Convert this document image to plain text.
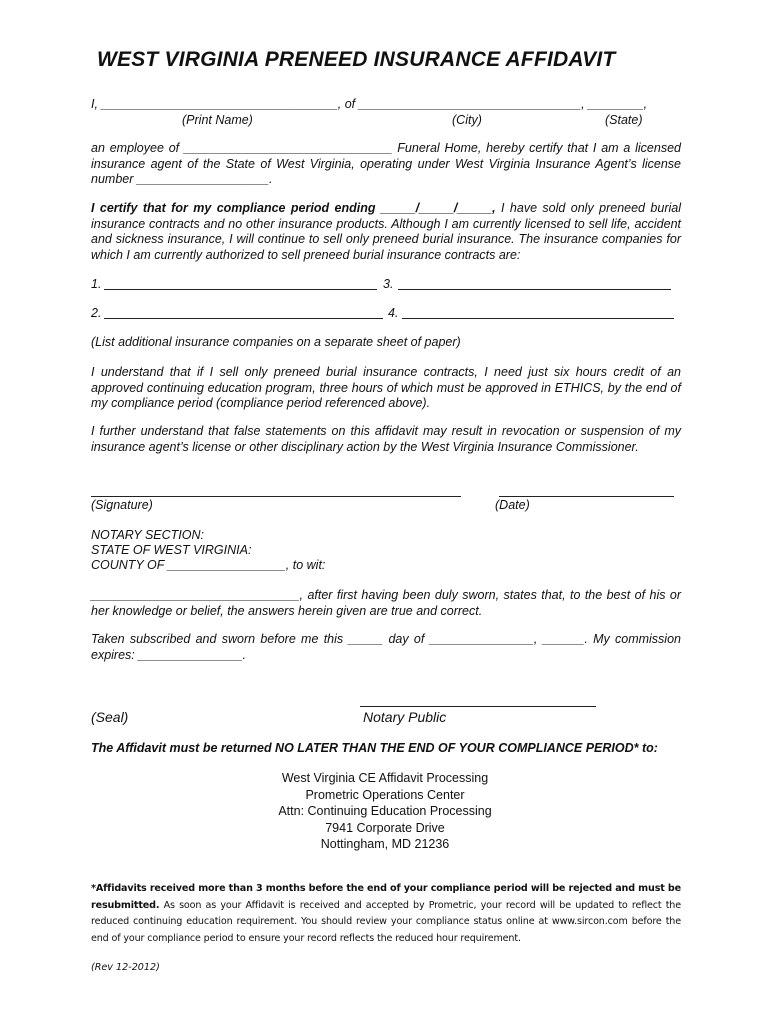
WEST VIRGINIA PRENEED INSURANCE AFFIDAVIT
I, __________________________________, of ________________________________, ________,
(Print Name)	(City)	(State)
an employee of ______________________________ Funeral Home, hereby certify that I am a licensed insurance agent of the State of West Virginia, operating under West Virginia Insurance Agent’s license number ___________________.
I certify that for my compliance period ending _____/_____/_____, I have sold only preneed burial insurance contracts and no other insurance products. Although I am currently licensed to sell life, accident and sickness insurance, I will continue to sell only preneed burial insurance. The insurance companies for which I am currently authorized to sell preneed burial insurance contracts are:
1.	3.
2.	4.
(List additional insurance companies on a separate sheet of paper)
I understand that if I sell only preneed burial insurance contracts, I need just six hours credit of an approved continuing education program, three hours of which must be approved in ETHICS, by the end of my compliance period (compliance period referenced above).
I further understand that false statements on this affidavit may result in revocation or suspension of my insurance agent’s license or other disciplinary action by the West Virginia Insurance Commissioner.
(Signature)	(Date)
NOTARY SECTION:
STATE OF WEST VIRGINIA:
COUNTY OF _________________, to wit:
______________________________, after first having been duly sworn, states that, to the best of his or her knowledge or belief, the answers herein given are true and correct.
Taken subscribed and sworn before me this _____ day of _______________, ______. My commission expires: _______________.
(Seal)	Notary Public
The Affidavit must be returned NO LATER THAN THE END OF YOUR COMPLIANCE PERIOD* to:
West Virginia CE Affidavit Processing
Prometric Operations Center
Attn: Continuing Education Processing
7941 Corporate Drive
Nottingham, MD 21236
*Affidavits received more than 3 months before the end of your compliance period will be rejected and must be resubmitted. As soon as your Affidavit is received and accepted by Prometric, your record will be updated to reflect the reduced continuing education requirement. You should review your compliance status online at www.sircon.com before the end of your compliance period to ensure your record reflects the reduced hour requirement.
(Rev 12-2012)
